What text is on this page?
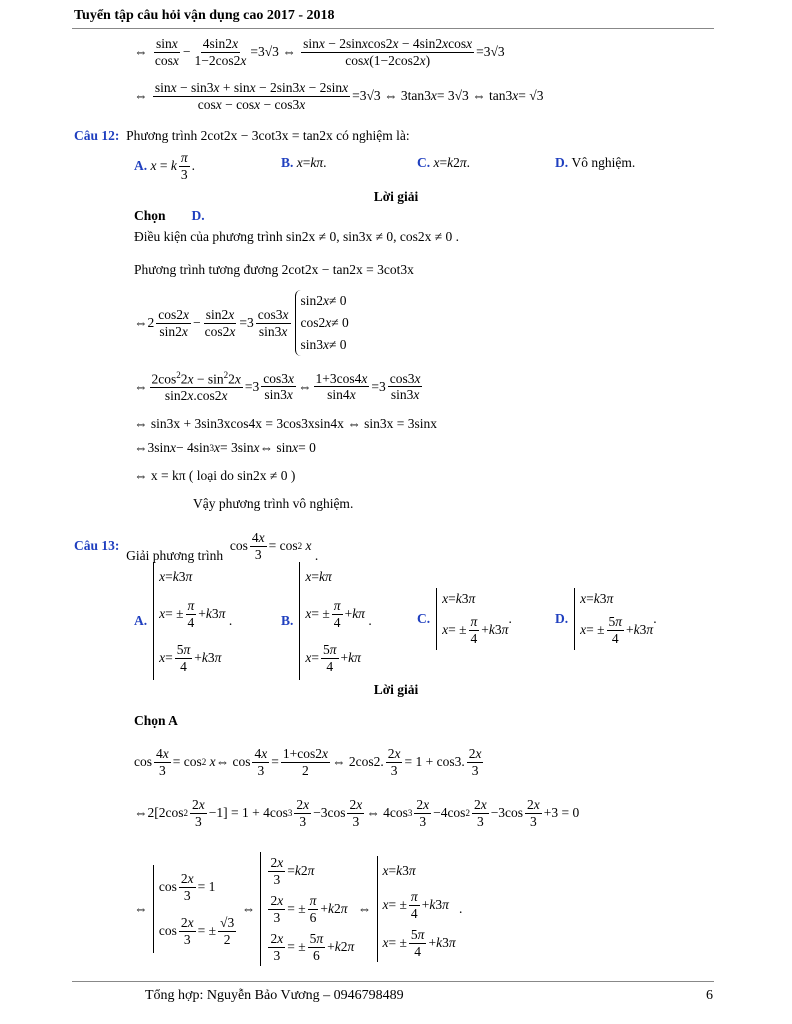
Tuyển tập câu hỏi vận dụng cao 2017 - 2018
⇔
sinx
cosx
−
4sin2x
1−2cos2x
=3√3 ⇔
sinx − 2sinxcos2x − 4sin2xcosx
cosx(1−2cos2x)
=3√3
⇔
sinx − sin3x + sinx − 2sin3x − 2sinx
cosx − cosx − cos3x
=3√3 ⇔ 3tan3 x = 3√3 ⇔ tan3 x = √3
Câu 12:
Phương trình 2cot2x − 3cot3x = tan2x có nghiệm là:
A.
x = k
π
3
.	B.
x = kπ .	C.
x = k 2 π .	D.
Vô nghiệm.
Lời giải
Chọn D.
Điều kiện của phương trình sin2x ≠ 0, sin3x ≠ 0, cos2x ≠ 0 .
Phương trình tương đương 2cot2x − tan2x = 3cot3x
⇔2
cos2x
sin2x
−
sin2x
cos2x
=3
cos3x
sin3x
sin2 x ≠ 0
cos2 x ≠ 0
sin3 x ≠ 0
⇔ $2\cos^22x - \sin^22x$
sin2x.cos2x
=3
cos3x
sin3x
⇔
1+3cos4x
sin4x
=3
cos3x
sin3x
⇔ sin3x + 3sin3xcos4x = 3cos3xsin4x ⇔ sin3x = 3sinx
⇔3sin x − 4sin 3 x = 3sin x ⇔ sin x = 0
⇔ x = kπ ( loại do sin2x ≠ 0 )
Vậy phương trình vô nghiệm.
Câu 13:

Giải phương trình
cos
4x
3
= cos 2
x

.
A.
x = k 3 π
x = ±
π
4
+ k 3 π
x =
5π
4
+ k 3 π
.	B.
x = kπ
x = ±
π
4
+ kπ
x =
5π
4
+ kπ
.	C.
x = k 3 π
x = ±
π
4
+ k 3 π
.	D.
x = k 3 π
x = ±
5π
4
+ k 3 π
.
Lời giải
Chọn A
cos
4x
3
= cos 2
x ⇔ cos
4x
3
=
1+cos2x
2
⇔ 2cos2.
2x
3
= 1 + cos3.
2x
3
⇔2[2cos 2
2x
3
−1] = 1 + 4cos 3
2x
3
−3cos
2x
3
⇔ 4cos 3
2x
3
−4cos 2
2x
3
−3cos
2x
3
+3 = 0
⇔
cos
2x
3
= 1
cos
2x
3
= ±
√3
2
⇔
2x
3
= k 2 π
2x
3
= ±
π
6
+ k 2 π
2x
3
= ±
5π
6
+ k 2 π
⇔
x = k 3 π
x = ±
π
4
+ k 3 π
x = ±
5π
4
+ k 3 π
.
Tổng hợp: Nguyễn Bảo Vương – 0946798489	6
